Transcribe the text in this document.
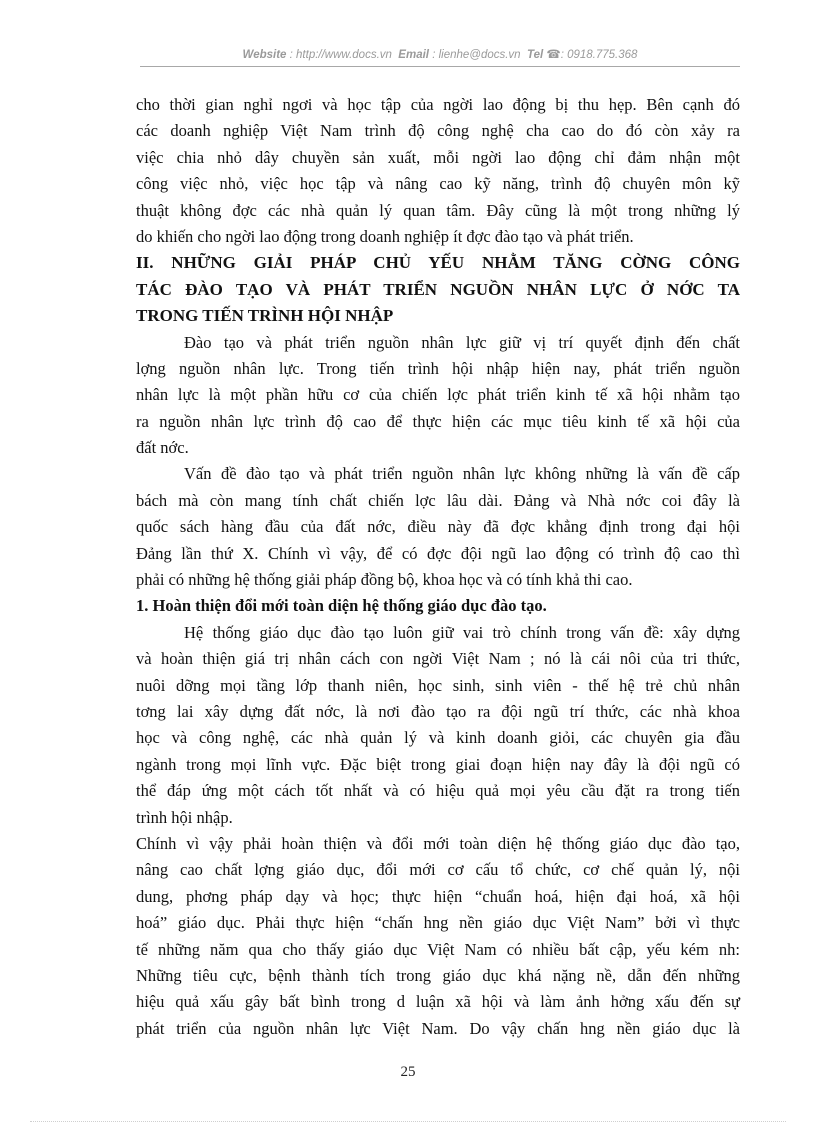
Website : http://www.docs.vn Email : lienhe@docs.vn Tel ☎: 0918.775.368
cho thời gian nghỉ ngơi và học tập của ngời lao động bị thu hẹp. Bên cạnh đó
các doanh nghiệp Việt Nam trình độ công nghệ cha cao do đó còn xảy ra
việc chia nhỏ dây chuyền sản xuất, mỗi ngời lao động chỉ đảm nhận một
công việc nhỏ, việc học tập và nâng cao kỹ năng, trình độ chuyên môn kỹ
thuật không đợc các nhà quản lý quan tâm. Đây cũng là một trong những lý
do khiến cho ngời lao động trong doanh nghiệp ít đợc đào tạo và phát triển.
II. NHỮNG GIẢI PHÁP CHỦ YẾU NHẰM TĂNG CỜNG CÔNG
TÁC ĐÀO TẠO VÀ PHÁT TRIỂN NGUỒN NHÂN LỰC Ở NỚC TA
TRONG TIẾN TRÌNH HỘI NHẬP
Đào tạo và phát triển nguồn nhân lực giữ vị trí quyết định đến chất
lợng nguồn nhân lực. Trong tiến trình hội nhập hiện nay, phát triển nguồn
nhân lực là một phần hữu cơ của chiến lợc phát triển kinh tế xã hội nhằm tạo
ra nguồn nhân lực trình độ cao để thực hiện các mục tiêu kinh tế xã hội của
đất nớc.
Vấn đề đào tạo và phát triển nguồn nhân lực không những là vấn đề cấp
bách mà còn mang tính chất chiến lợc lâu dài. Đảng và Nhà nớc coi đây là
quốc sách hàng đầu của đất nớc, điều này đã đợc khẳng định trong đại hội
Đảng lần thứ X. Chính vì vậy, để có đợc đội ngũ lao động có trình độ cao thì
phải có những hệ thống giải pháp đồng bộ, khoa học và có tính khả thi cao.
1. Hoàn thiện đổi mới toàn diện hệ thống giáo dục đào tạo.
Hệ thống giáo dục đào tạo luôn giữ vai trò chính trong vấn đề: xây dựng
và hoàn thiện giá trị nhân cách con ngời Việt Nam ; nó là cái nôi của tri thức,
nuôi dỡng mọi tầng lớp thanh niên, học sinh, sinh viên - thế hệ trẻ chủ nhân
tơng lai xây dựng đất nớc, là nơi đào tạo ra đội ngũ trí thức, các nhà khoa
học và công nghệ, các nhà quản lý và kinh doanh giỏi, các chuyên gia đầu
ngành trong mọi lĩnh vực. Đặc biệt trong giai đoạn hiện nay đây là đội ngũ có
thể đáp ứng một cách tốt nhất và có hiệu quả mọi yêu cầu đặt ra trong tiến
trình hội nhập.
Chính vì vậy phải hoàn thiện và đổi mới toàn diện hệ thống giáo dục đào tạo,
nâng cao chất lợng giáo dục, đổi mới cơ cấu tổ chức, cơ chế quản lý, nội
dung, phơng pháp dạy và học; thực hiện “chuẩn hoá, hiện đại hoá, xã hội
hoá” giáo dục. Phải thực hiện “chấn hng nền giáo dục Việt Nam” bởi vì thực
tế những năm qua cho thấy giáo dục Việt Nam có nhiều bất cập, yếu kém nh:
Những tiêu cực, bệnh thành tích trong giáo dục khá nặng nề, dẫn đến những
hiệu quả xấu gây bất bình trong d luận xã hội và làm ảnh hởng xấu đến sự
phát triển của nguồn nhân lực Việt Nam. Do vậy chấn hng nền giáo dục là
25
